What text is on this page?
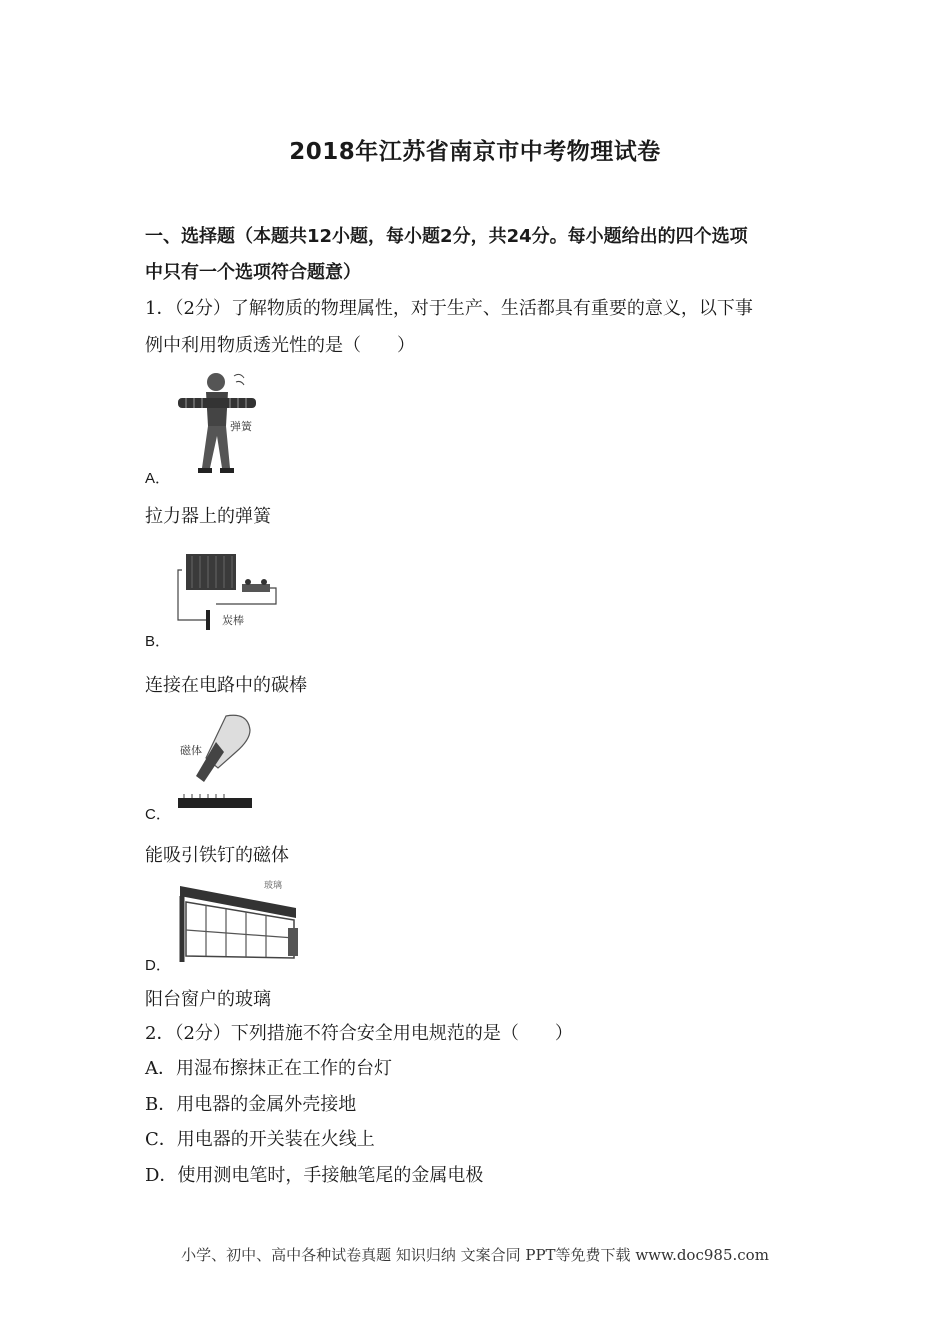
2018年江苏省南京市中考物理试卷
一、选择题（本题共12小题，每小题2分，共24分。每小题给出的四个选项
中只有一个选项符合题意）
1．（2分）了解物质的物理属性，对于生产、生活都具有重要的意义，以下事
例中利用物质透光性的是（　　）
弹簧
A．
拉力器上的弹簧
炭棒
B．
连接在电路中的碳棒
磁体
C．
能吸引铁钉的磁体
玻璃
D．
阳台窗户的玻璃
2．（2分）下列措施不符合安全用电规范的是（　　）
A．用湿布擦抹正在工作的台灯
B．用电器的金属外壳接地
C．用电器的开关装在火线上
D．使用测电笔时，手接触笔尾的金属电极
小学、初中、高中各种试卷真题 知识归纳 文案合同 PPT等免费下载 www.doc985.com
